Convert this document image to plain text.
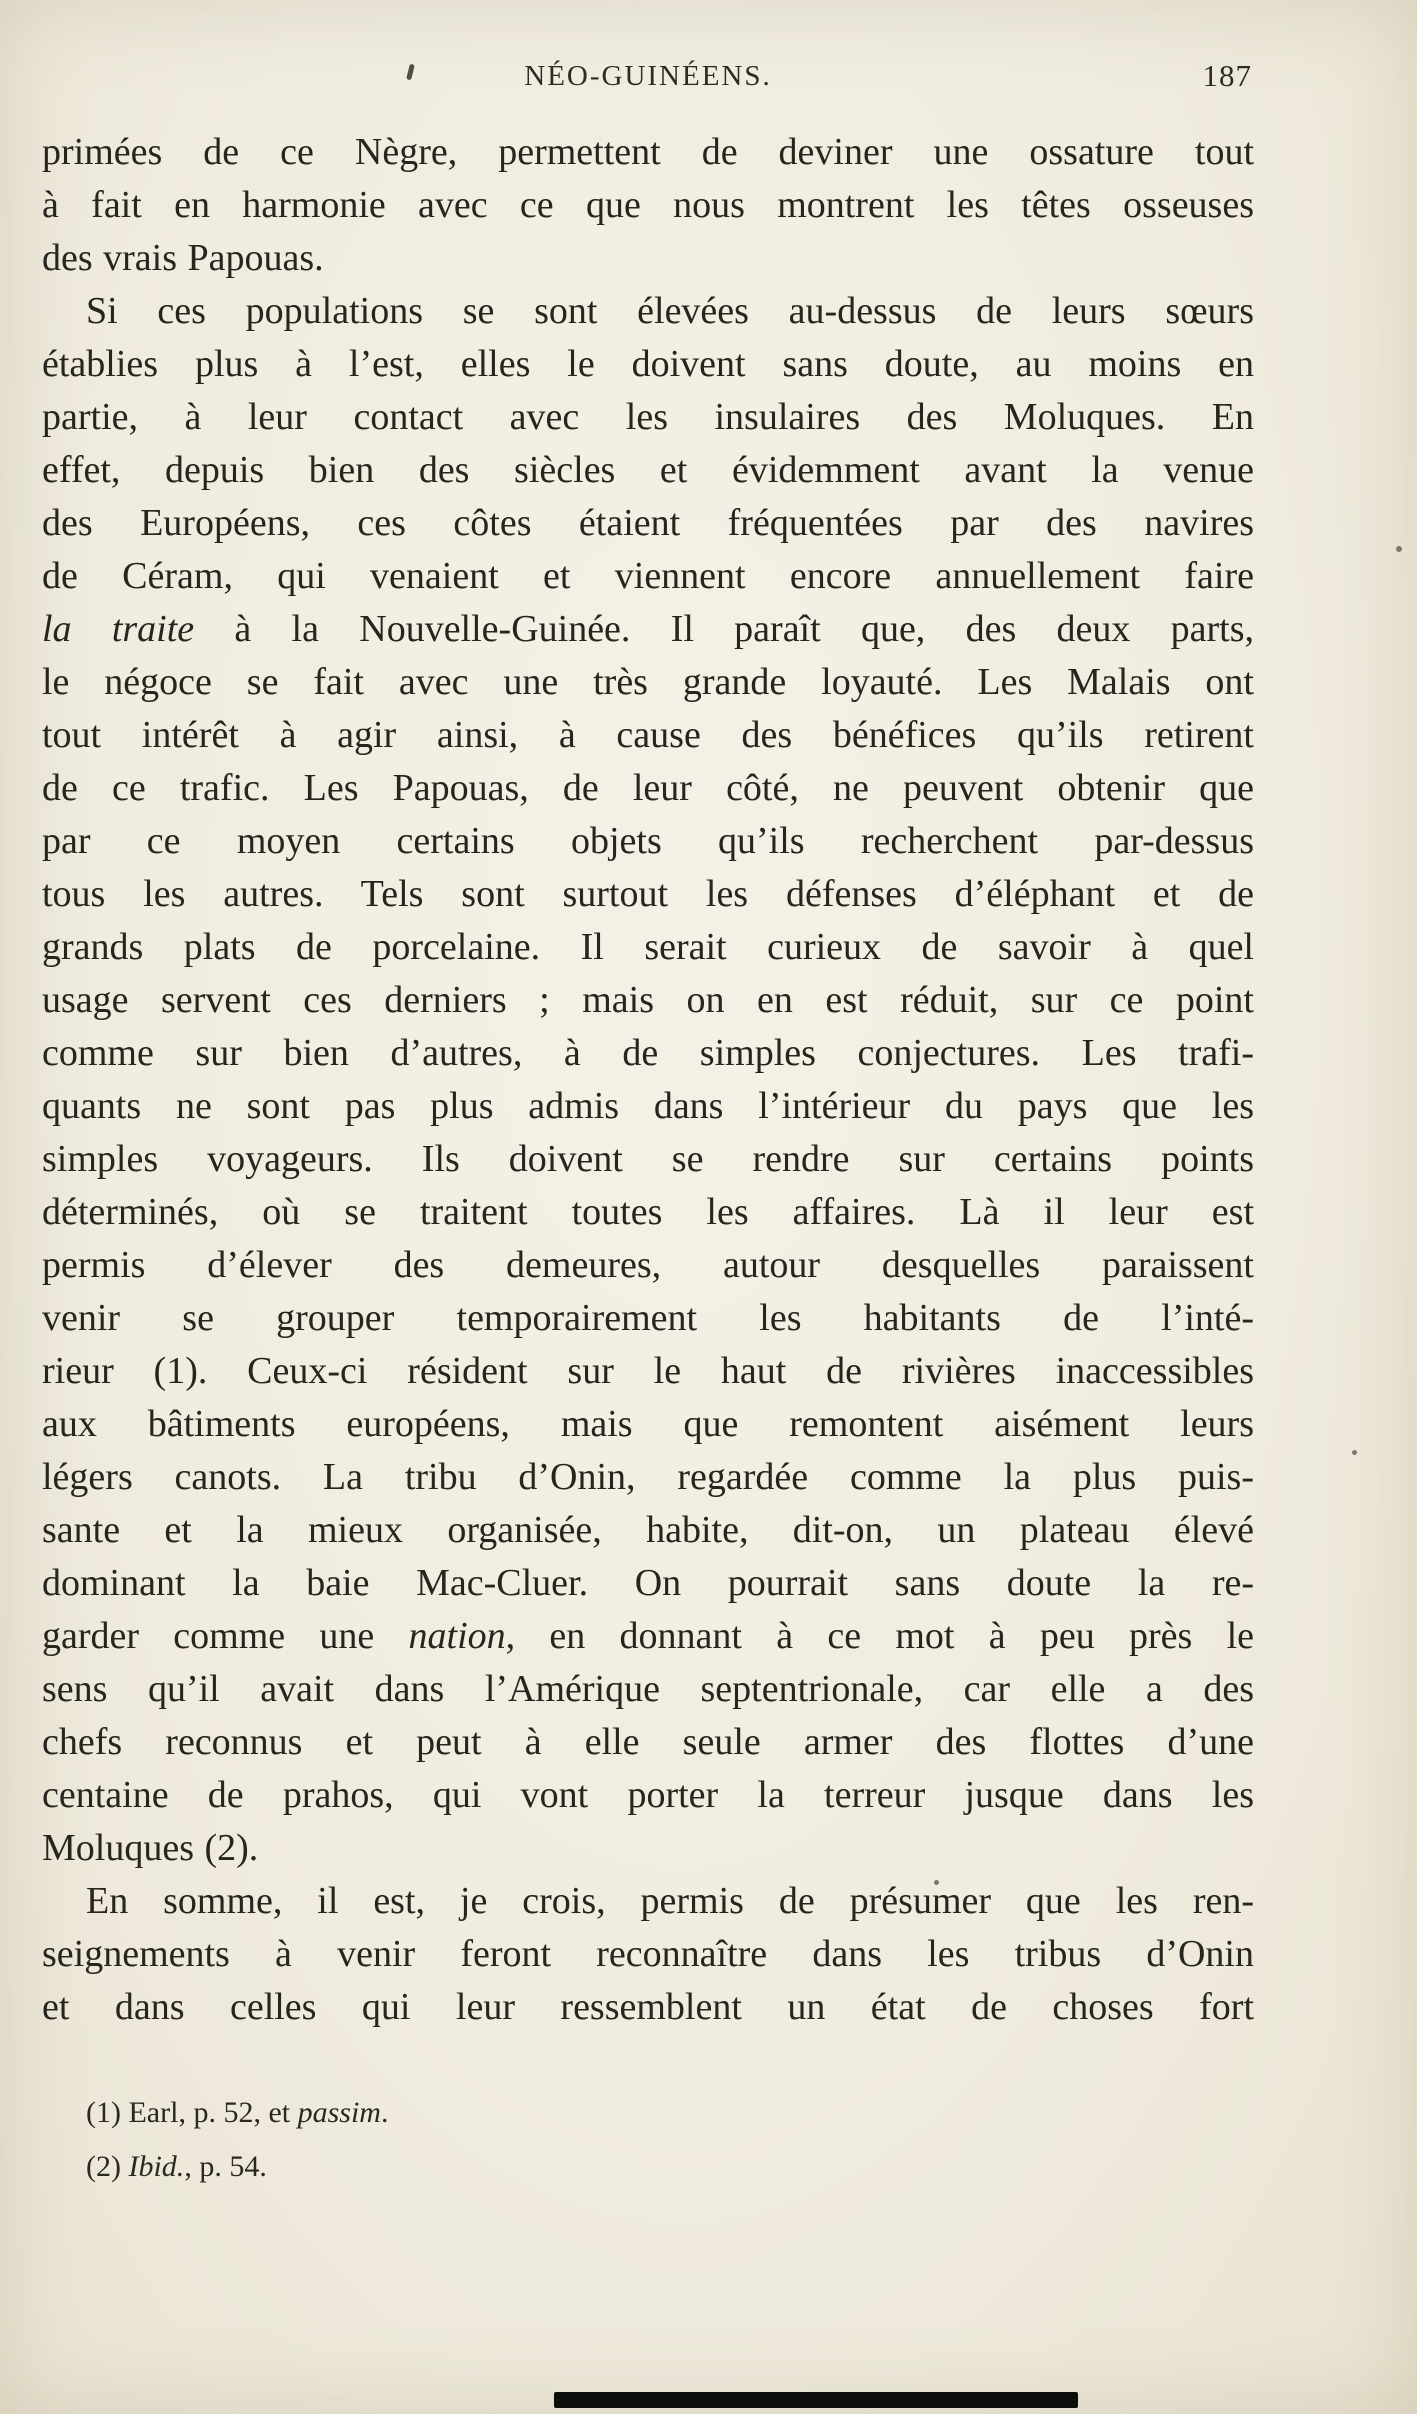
NÉO-GUINÉENS.	187
primées de ce Nègre, permettent de deviner une ossature tout
à fait en harmonie avec ce que nous montrent les têtes osseuses
des vrais Papouas.
Si ces populations se sont élevées au-dessus de leurs sœurs
établies plus à l’est, elles le doivent sans doute, au moins en
partie, à leur contact avec les insulaires des Moluques. En
effet, depuis bien des siècles et évidemment avant la venue
des Européens, ces côtes étaient fréquentées par des navires
de Céram, qui venaient et viennent encore annuellement faire
la traite à la Nouvelle-Guinée. Il paraît que, des deux parts,
le négoce se fait avec une très grande loyauté. Les Malais ont
tout intérêt à agir ainsi, à cause des bénéfices qu’ils retirent
de ce trafic. Les Papouas, de leur côté, ne peuvent obtenir que
par ce moyen certains objets qu’ils recherchent par-dessus
tous les autres. Tels sont surtout les défenses d’éléphant et de
grands plats de porcelaine. Il serait curieux de savoir à quel
usage servent ces derniers ; mais on en est réduit, sur ce point
comme sur bien d’autres, à de simples conjectures. Les trafi-
quants ne sont pas plus admis dans l’intérieur du pays que les
simples voyageurs. Ils doivent se rendre sur certains points
déterminés, où se traitent toutes les affaires. Là il leur est
permis d’élever des demeures, autour desquelles paraissent
venir se grouper temporairement les habitants de l’inté-
rieur (1). Ceux-ci résident sur le haut de rivières inaccessibles
aux bâtiments européens, mais que remontent aisément leurs
légers canots. La tribu d’Onin, regardée comme la plus puis-
sante et la mieux organisée, habite, dit-on, un plateau élevé
dominant la baie Mac-Cluer. On pourrait sans doute la re-
garder comme une nation, en donnant à ce mot à peu près le
sens qu’il avait dans l’Amérique septentrionale, car elle a des
chefs reconnus et peut à elle seule armer des flottes d’une
centaine de prahos, qui vont porter la terreur jusque dans les
Moluques (2).
En somme, il est, je crois, permis de présumer que les ren-
seignements à venir feront reconnaître dans les tribus d’Onin
et dans celles qui leur ressemblent un état de choses fort
(1) Earl, p. 52, et passim.
(2) Ibid., p. 54.
